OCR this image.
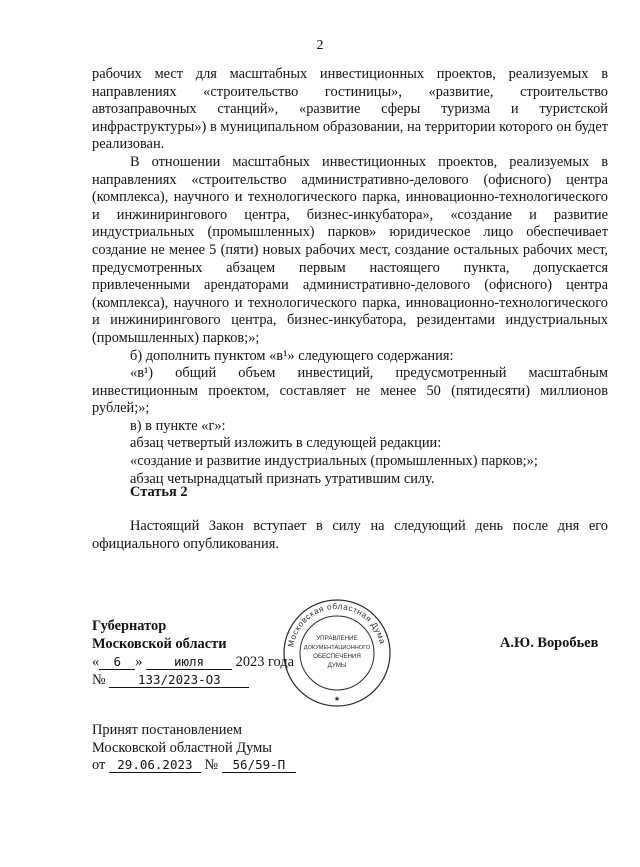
2

рабочих мест для масштабных инвестиционных проектов, реализуемых в направлениях «строительство гостиницы», «развитие, строительство автозаправочных станций», «развитие сферы туризма и туристской инфраструктуры») в муниципальном образовании, на территории которого он будет реализован.

В отношении масштабных инвестиционных проектов, реализуемых в направлениях «строительство административно-делового (офисного) центра (комплекса), научного и технологического парка, инновационно-технологического и инжинирингового центра, бизнес-инкубатора», «создание и развитие индустриальных (промышленных) парков» юридическое лицо обеспечивает создание не менее 5 (пяти) новых рабочих мест, создание остальных рабочих мест, предусмотренных абзацем первым настоящего пункта, допускается привлеченными арендаторами административно-делового (офисного) центра (комплекса), научного и технологического парка, инновационно-технологического и инжинирингового центра, бизнес-инкубатора, резидентами индустриальных (промышленных) парков;»;

б) дополнить пунктом «в¹» следующего содержания:

«в¹) общий объем инвестиций, предусмотренный масштабным инвестиционным проектом, составляет не менее 50 (пятидесяти) миллионов рублей;»;

в) в пункте «г»:

абзац четвертый изложить в следующей редакции:

«создание и развитие индустриальных (промышленных) парков;»;

абзац четырнадцатый признать утратившим силу.

Статья 2
Настоящий Закон вступает в силу на следующий день после дня его официального опубликования.
Губернатор
Московской области
« 6 »	июля 2023 года
№	133/2023-ОЗ
А.Ю. Воробьев
Московская областная Дума
УПРАВЛЕНИЕ
ДОКУМЕНТАЦИОННОГО
ОБЕСПЕЧЕНИЯ
ДУМЫ
★
Принят постановлением
Московской областной Думы
от 29.06.2023 № 56/59-П
